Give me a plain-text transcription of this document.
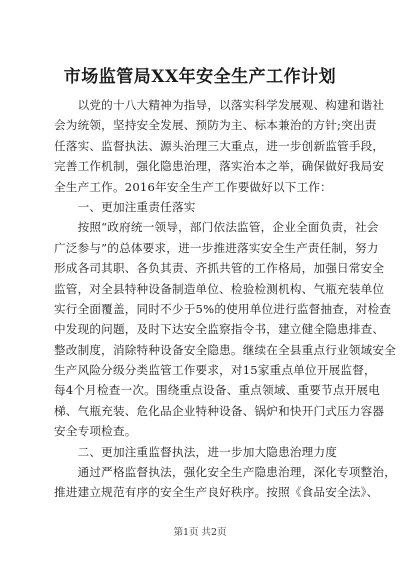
市场监管局XX年安全生产工作计划
　　以党的十八大精神为指导，以落实科学发展观、构建和谐社
会为统领，坚持安全发展、预防为主、标本兼治的方针;突出责
任落实、监督执法、源头治理三大重点，进一步创新监管手段，
完善工作机制，强化隐患治理，落实治本之举，确保做好我局安
全生产工作。2016年安全生产工作要做好以下工作：
　　一、更加注重责任落实
　　按照“政府统一领导，部门依法监管，企业全面负责，社会
广泛参与”的总体要求，进一步推进落实安全生产责任制，努力
形成各司其职、各负其责、齐抓共管的工作格局，加强日常安全
监管，对全县特种设备制造单位、检验检测机构、气瓶充装单位
实行全面覆盖，同时不少于5%的使用单位进行监督抽查，对检查
中发现的问题，及时下达安全监察指令书，建立健全隐患排查、
整改制度，消除特种设备安全隐患。继续在全县重点行业领域安全
生产风险分级分类监管工作要求，对15家重点单位开展监督，
每4个月检查一次。围绕重点设备、重点领域、重要节点开展电
梯、气瓶充装、危化品企业特种设备、锅炉和快开门式压力容器
安全专项检查。
　　二、更加注重监督执法，进一步加大隐患治理力度
　　通过严格监督执法，强化安全生产隐患治理，深化专项整治，
推进建立规范有序的安全生产良好秩序。按照《食品安全法》、
第1页 共2页
